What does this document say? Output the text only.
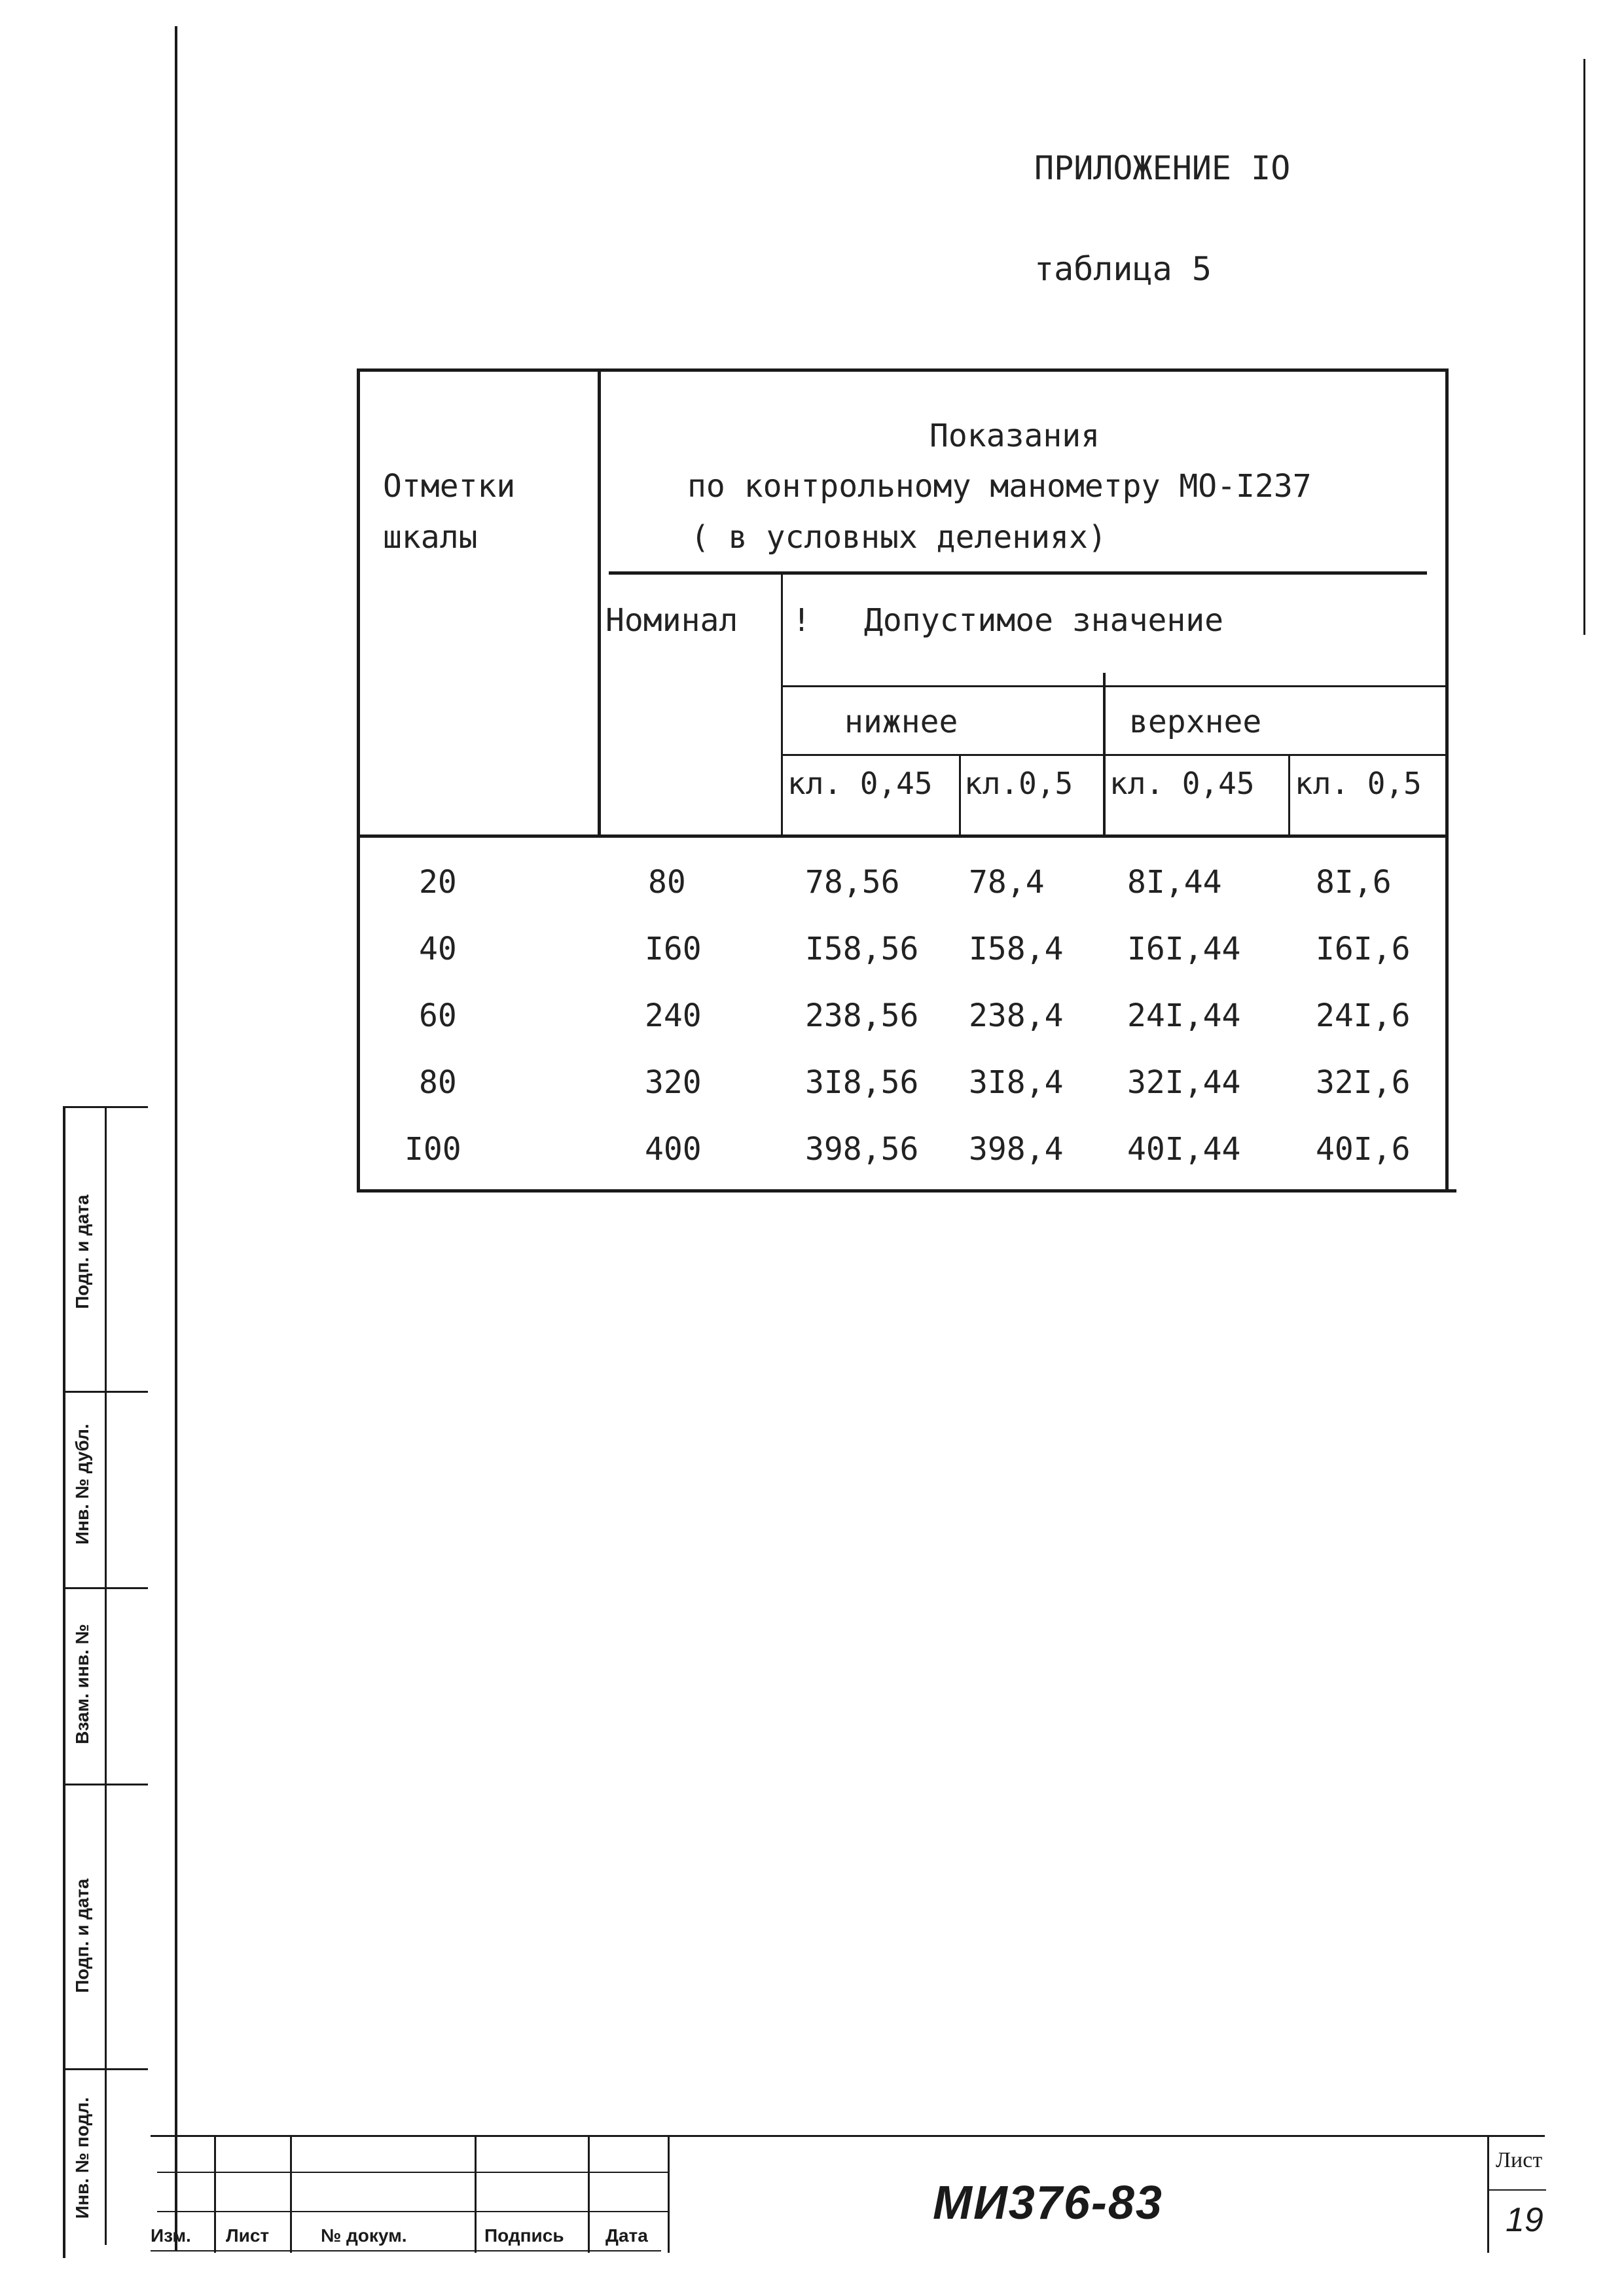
ПРИЛОЖЕНИЕ IO
таблица 5
Отметки
шкалы
Показания
по контрольному манометру МО-I237
( в условных делениях)
Номинал ! Допустимое значение
нижнее	верхнее
кл. 0,45 кл.0,5 кл. 0,45 кл. 0,5
20	80	78,56 78,4	8I,44	8I,6
40	I60	I58,56 I58,4 I6I,44 I6I,6
60	240	238,56 238,4 24I,44 24I,6
80	320	3I8,56 3I8,4 32I,44 32I,6
I00	400	398,56 398,4 40I,44 40I,6
Подп. и дата
Инв. № дубл.
Взам. инв. №
Подп. и дата
Инв. № подл.
Изм. Лист	№ докум.	Подпись Дата
МИ376-83
Лист
19
